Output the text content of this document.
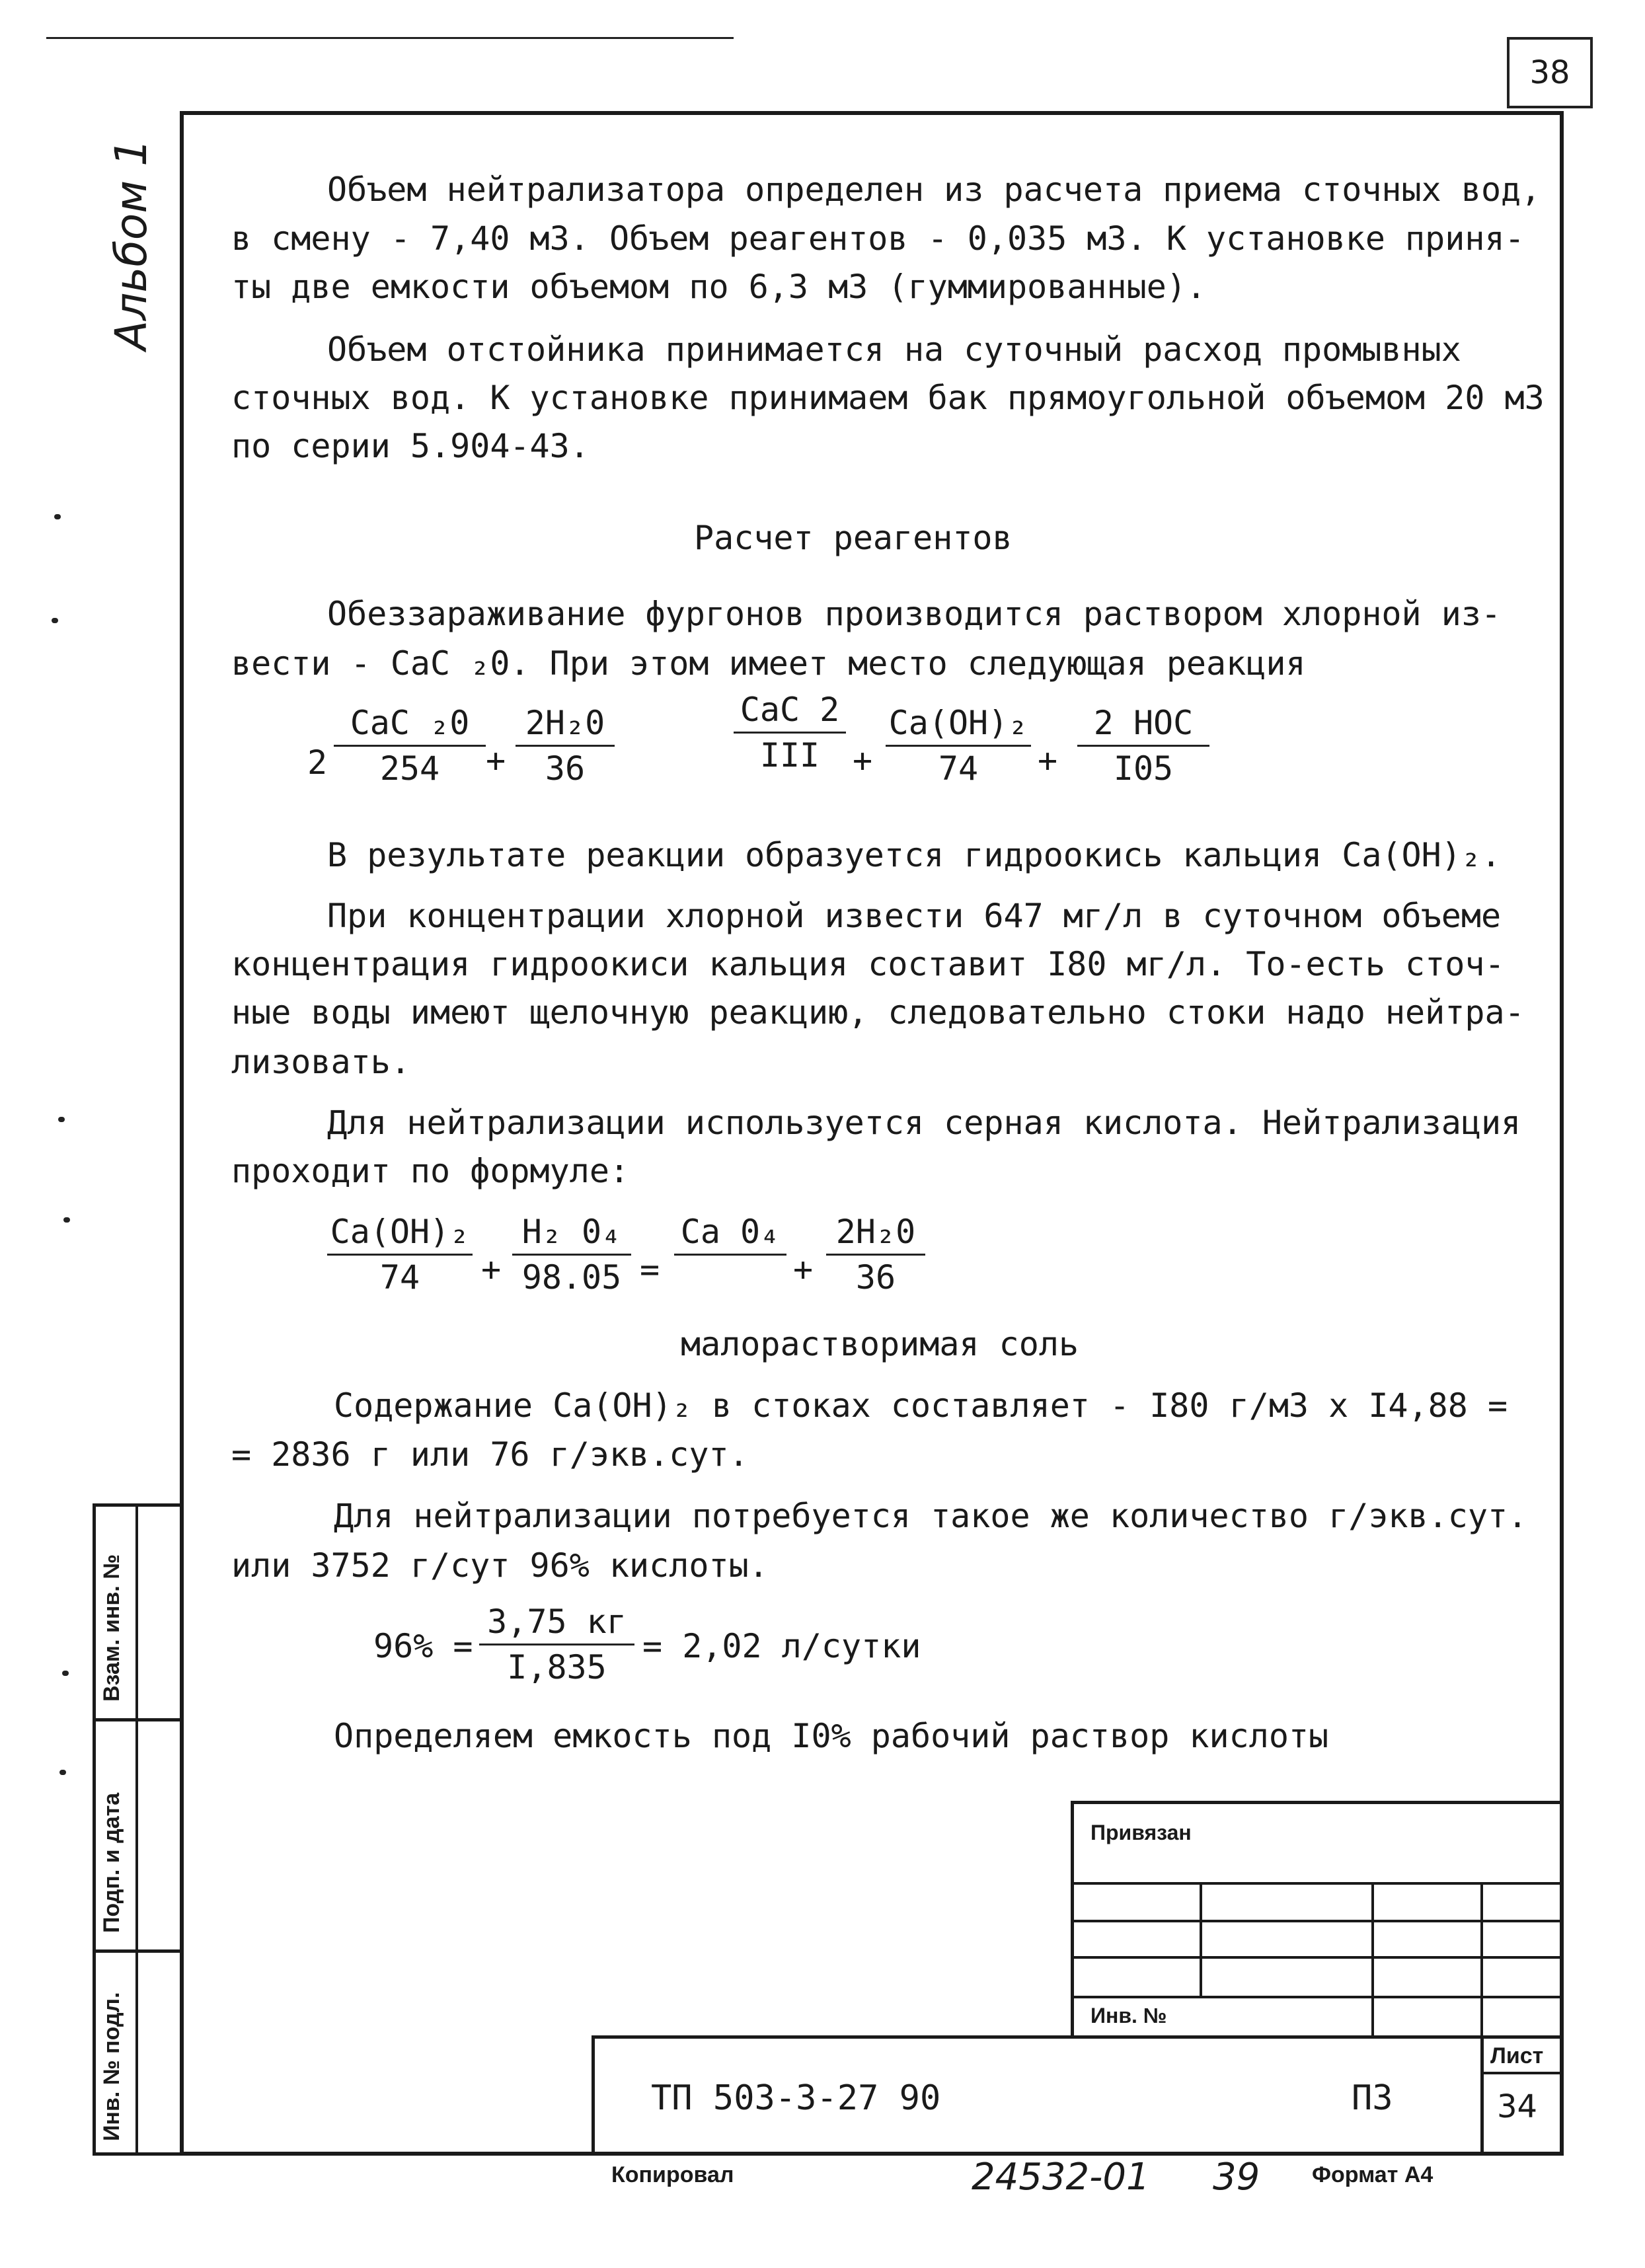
38
Альбом 1	Объем нейтрализатора определен из расчета приема сточных вод,
в смену - 7,40 м3. Объем реагентов - 0,035 м3. К установке приня-
ты две емкости объемом по 6,3 м3 (гуммированные).
Объем отстойника принимается на суточный расход промывных
сточных вод. К установке принимаем бак прямоугольной объемом 20 м3
по серии 5.904-43.
Расчет реагентов
Обеззараживание фургонов производится раствором хлорной из-
вести - СаС ₂0. При этом имеет место следующая реакция
2
СаС ₂0
254 +
2Н₂0
36
СаС 2
III +
Са(ОН)₂
74 +
2 НОС
I05
В результате реакции образуется гидроокись кальция Са(ОН)₂.
При концентрации хлорной извести 647 мг/л в суточном объеме
концентрация гидроокиси кальция составит I80 мг/л. То-есть сточ-
ные воды имеют щелочную реакцию, следовательно стоки надо нейтра-
лизовать.
Для нейтрализации используется серная кислота. Нейтрализация
проходит по формуле:
Са(ОН)₂
74 +
Н₂ 0₄
98.05 =
Са 0₄
+
2Н₂0
36
малорастворимая соль
Содержание Са(ОН)₂ в стоках составляет - I80 г/м3 х I4,88 =
= 2836 г или 76 г/экв.сут.
Для нейтрализации потребуется такое же количество г/экв.сут.
или 3752 г/сут 96% кислоты.
96% =
3,75 кг
I,835
= 2,02 л/сутки
Определяем емкость под I0% рабочий раствор кислоты
Инв. № подл.
Подп. и дата
Взам. инв. №
Привязан
Инв. №
Лист
34
ТП 503-3-27 90	ПЗ
Копировал	24532-01 39 Формат А4
